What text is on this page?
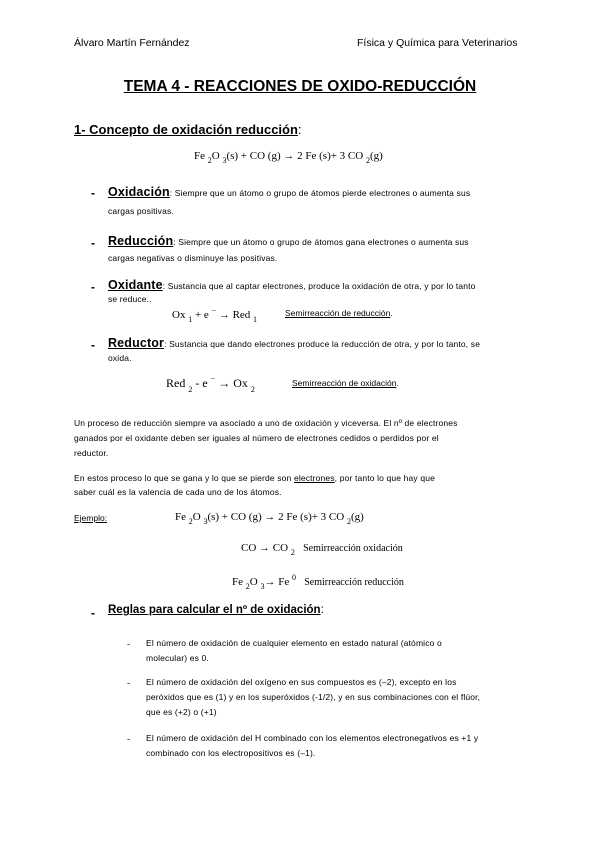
Álvaro Martín Fernández	Física y Química para Veterinarios
TEMA 4 - REACCIONES DE OXIDO-REDUCCIÓN
1- Concepto de oxidación reducción:
Fe $_2$O $_3$(s) + CO (g) → 2 Fe (s)+ 3 CO $_2$(g)
- Oxidación: Siempre que un átomo o grupo de átomos pierde electrones o aumenta sus
cargas positivas.
- Reducción: Siempre que un átomo o grupo de átomos gana electrones o aumenta sus
cargas negativas o disminuye las positivas.
- Oxidante: Sustancia que al captar electrones, produce la oxidación de otra, y por lo tanto
se reduce..
Ox $_1$ + e − → Red $_1$
Semirreacción de reducción.
- Reductor: Sustancia que dando electrones produce la reducción de otra, y por lo tanto, se
oxida.
Red $_2$ - e − → Ox $_2$
Semirreacción de oxidación.
Un proceso de reducción siempre va asociado a uno de oxidación y viceversa. El nº de electrones
ganados por el oxidante deben ser iguales al número de electrones cedidos o perdidos por el
reductor.
En estos proceso lo que se gana y lo que se pierde son electrones, por tanto lo que hay que
saber cuál es la valencia de cada uno de los átomos.
Ejemplo:	Fe $_2$O $_3$(s) + CO (g) → 2 Fe (s)+ 3 CO $_2$(g)
CO → CO $_2$ Semirreacción oxidación
Fe $_2$O $_3$→ Fe $^0$ Semirreacción reducción
- Reglas para calcular el nº de oxidación:
- El número de oxidación de cualquier elemento en estado natural (atómico o
molecular) es 0.
- El número de oxidación del oxígeno en sus compuestos es (–2), excepto en los
peróxidos que es (1) y en los superóxidos (-1/2), y en sus combinaciones con el flúor,
que es (+2) o (+1)
- El número de oxidación del H combinado con los elementos electronegativos es +1 y
combinado con los electropositivos es (–1).
